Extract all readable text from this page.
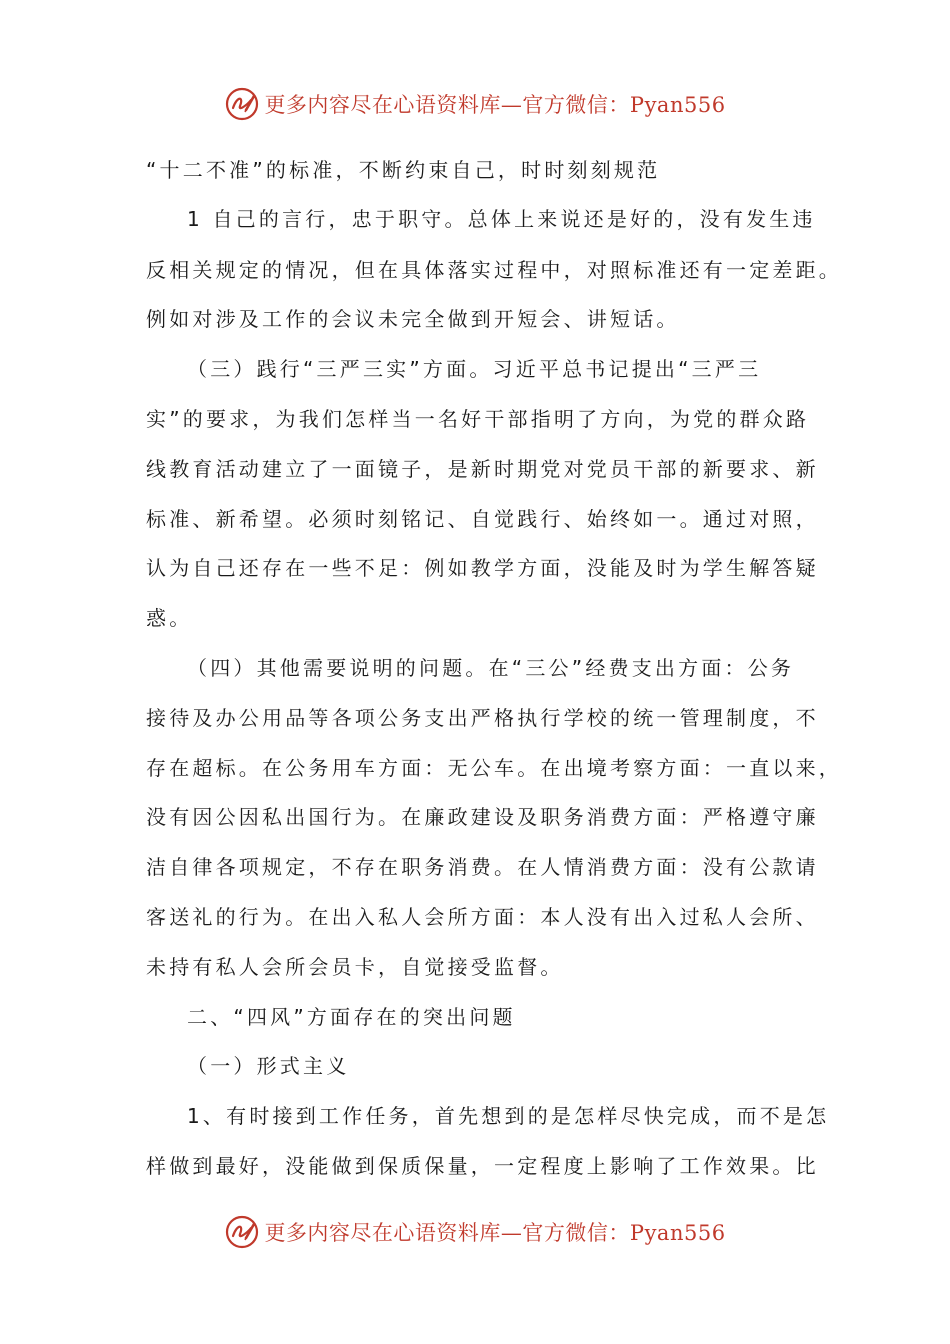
更多内容尽在心语资料库—官方微信：Pyan556
“十二不准”的标准，不断约束自己，时时刻刻规范
1 自己的言行，忠于职守。总体上来说还是好的，没有发生违
反相关规定的情况，但在具体落实过程中，对照标准还有一定差距。
例如对涉及工作的会议未完全做到开短会、讲短话。
（三）践行“三严三实”方面。习近平总书记提出“三严三
实”的要求，为我们怎样当一名好干部指明了方向，为党的群众路
线教育活动建立了一面镜子，是新时期党对党员干部的新要求、新
标准、新希望。必须时刻铭记、自觉践行、始终如一。通过对照，
认为自己还存在一些不足：例如教学方面，没能及时为学生解答疑
惑。
（四）其他需要说明的问题。在“三公”经费支出方面：公务
接待及办公用品等各项公务支出严格执行学校的统一管理制度，不
存在超标。在公务用车方面：无公车。在出境考察方面：一直以来，
没有因公因私出国行为。在廉政建设及职务消费方面：严格遵守廉
洁自律各项规定，不存在职务消费。在人情消费方面：没有公款请
客送礼的行为。在出入私人会所方面：本人没有出入过私人会所、
未持有私人会所会员卡，自觉接受监督。
二、“四风”方面存在的突出问题
（一）形式主义
1、有时接到工作任务，首先想到的是怎样尽快完成，而不是怎
样做到最好，没能做到保质保量，一定程度上影响了工作效果。比
更多内容尽在心语资料库—官方微信：Pyan556
